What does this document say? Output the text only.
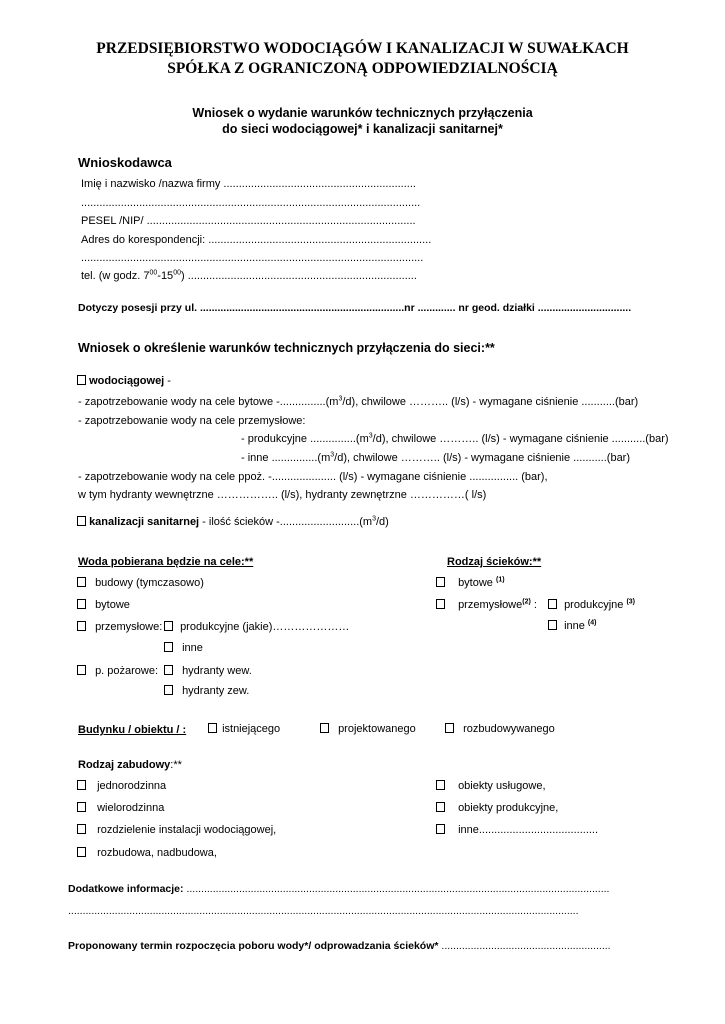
PRZEDSIĘBIORSTWO WODOCIĄGÓW I KANALIZACJI W SUWAŁKACH
SPÓŁKA Z OGRANICZONĄ ODPOWIEDZIALNOŚCIĄ
Wniosek o wydanie warunków technicznych przyłączenia
do sieci wodociągowej* i kanalizacji sanitarnej*
Wnioskodawca
Imię i nazwisko /nazwa firmy ...............................................................
...............................................................................................................
PESEL /NIP/ ........................................................................................
Adres do korespondencji: .........................................................................
................................................................................................................
tel. (w godz. $7^{00}-15^{00}$) ...........................................................................
Dotyczy posesji przy ul. ......................................................................nr ............. nr geod. działki ................................
Wniosek o określenie warunków technicznych przyłączenia do sieci:**
wodociągowej -
- zapotrzebowanie wody na cele bytowe $-...............(m^3/d)$, chwilowe ……….. (l/s) - wymagane ciśnienie ...........(bar)
- zapotrzebowanie wody na cele przemysłowe:
- produkcyjne $...............(m^3/d)$, chwilowe ……….. (l/s) - wymagane ciśnienie ...........(bar)
- inne $...............(m^3/d)$, chwilowe ……….. (l/s) - wymagane ciśnienie ...........(bar)
- zapotrzebowanie wody na cele ppoż. -..................... (l/s) - wymagane ciśnienie ................ (bar),
w tym hydranty wewnętrzne …………….. (l/s), hydranty zewnętrzne ……………( l/s)
kanalizacji sanitarnej - ilość ścieków $-..........................(m^3/d)$
Woda pobierana będzie na cele:**
budowy (tymczasowo)
bytowe
przemysłowe:	produkcyjne (jakie)…………………
inne
p. pożarowe:	hydranty wew.
hydranty zew.
Rodzaj ścieków:**
bytowe $^{(1)}$
przemysłowe$^{(2)}$ :	produkcyjne $^{(3)}$
inne $^{(4)}$
Budynku / obiektu / :	istniejącego	projektowanego	rozbudowywanego
Rodzaj zabudowy:**
jednorodzinna
wielorodzinna
rozdzielenie instalacji wodociągowej,
rozbudowa, nadbudowa,
obiekty usługowe,
obiekty produkcyjne,
inne.......................................
Dodatkowe informacje: .................................................................................................................................................
...............................................................................................................................................................................
Proponowany termin rozpoczęcia poboru wody*/ odprowadzania ścieków* ..........................................................
